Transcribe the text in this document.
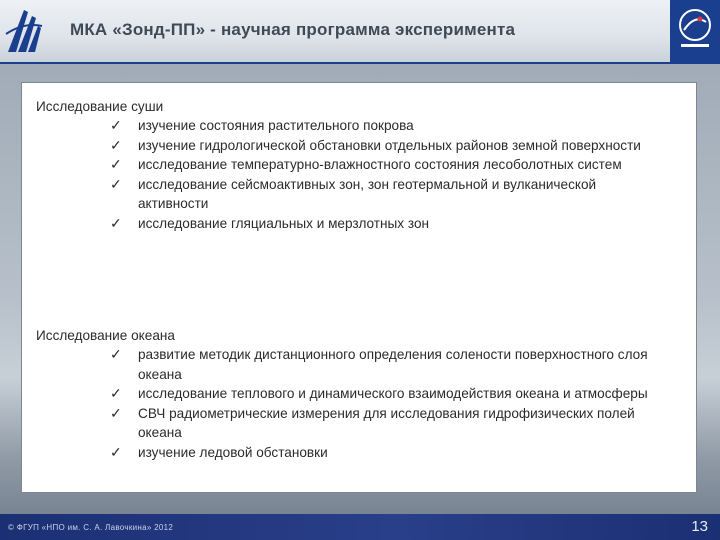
МКА «Зонд-ПП» - научная программа эксперимента
Исследование суши
✓ изучение состояния растительного покрова
✓ изучение гидрологической обстановки отдельных районов земной поверхности
✓ исследование температурно-влажностного состояния лесоболотных систем
✓ исследование сейсмоактивных зон, зон геотермальной и вулканической активности
✓ исследование гляциальных и мерзлотных зон
Исследование океана
✓ развитие методик дистанционного определения солености поверхностного слоя океана
✓ исследование теплового и динамического взаимодействия океана и атмосферы
✓ СВЧ радиометрические измерения для исследования гидрофизических полей океана
✓ изучение ледовой обстановки
© ФГУП «НПО им. С. А. Лавочкина» 2012	13
